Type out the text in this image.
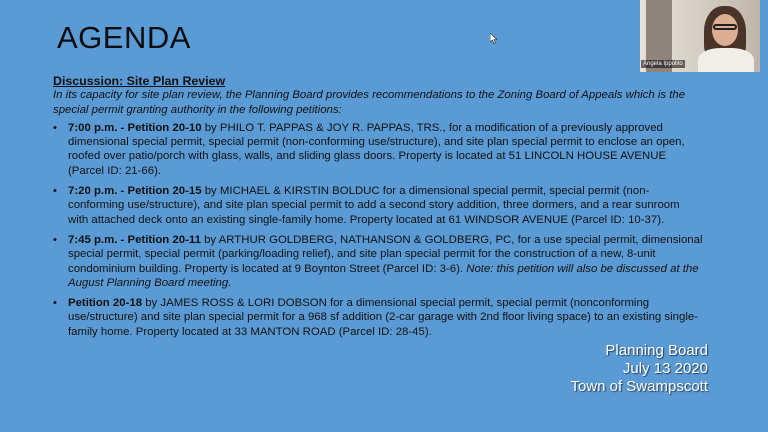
AGENDA
Discussion: Site Plan Review
In its capacity for site plan review, the Planning Board provides recommendations to the Zoning Board of Appeals which is the special permit granting authority in the following petitions:
• 7:00 p.m. - Petition 20-10 by PHILO T. PAPPAS & JOY R. PAPPAS, TRS., for a modification of a previously approved dimensional special permit, special permit (non-conforming use/structure), and site plan special permit to enclose an open, roofed over patio/porch with glass, walls, and sliding glass doors. Property is located at 51 LINCOLN HOUSE AVENUE (Parcel ID: 21-66).
• 7:20 p.m. - Petition 20-15 by MICHAEL & KIRSTIN BOLDUC for a dimensional special permit, special permit (non-conforming use/structure), and site plan special permit to add a second story addition, three dormers, and a rear sunroom with attached deck onto an existing single-family home. Property located at 61 WINDSOR AVENUE (Parcel ID: 10-37).
• 7:45 p.m. - Petition 20-11 by ARTHUR GOLDBERG, NATHANSON & GOLDBERG, PC, for a use special permit, dimensional special permit, special permit (parking/loading relief), and site plan special permit for the construction of a new, 8-unit condominium building. Property is located at 9 Boynton Street (Parcel ID: 3-6). Note: this petition will also be discussed at the August Planning Board meeting.
• Petition 20-18 by JAMES ROSS & LORI DOBSON for a dimensional special permit, special permit (nonconforming use/structure) and site plan special permit for a 968 sf addition (2-car garage with 2nd floor living space) to an existing single-family home. Property located at 33 MANTON ROAD (Parcel ID: 28-45).
Angela Ippolito
Planning Board
July 13 2020
Town of Swampscott
